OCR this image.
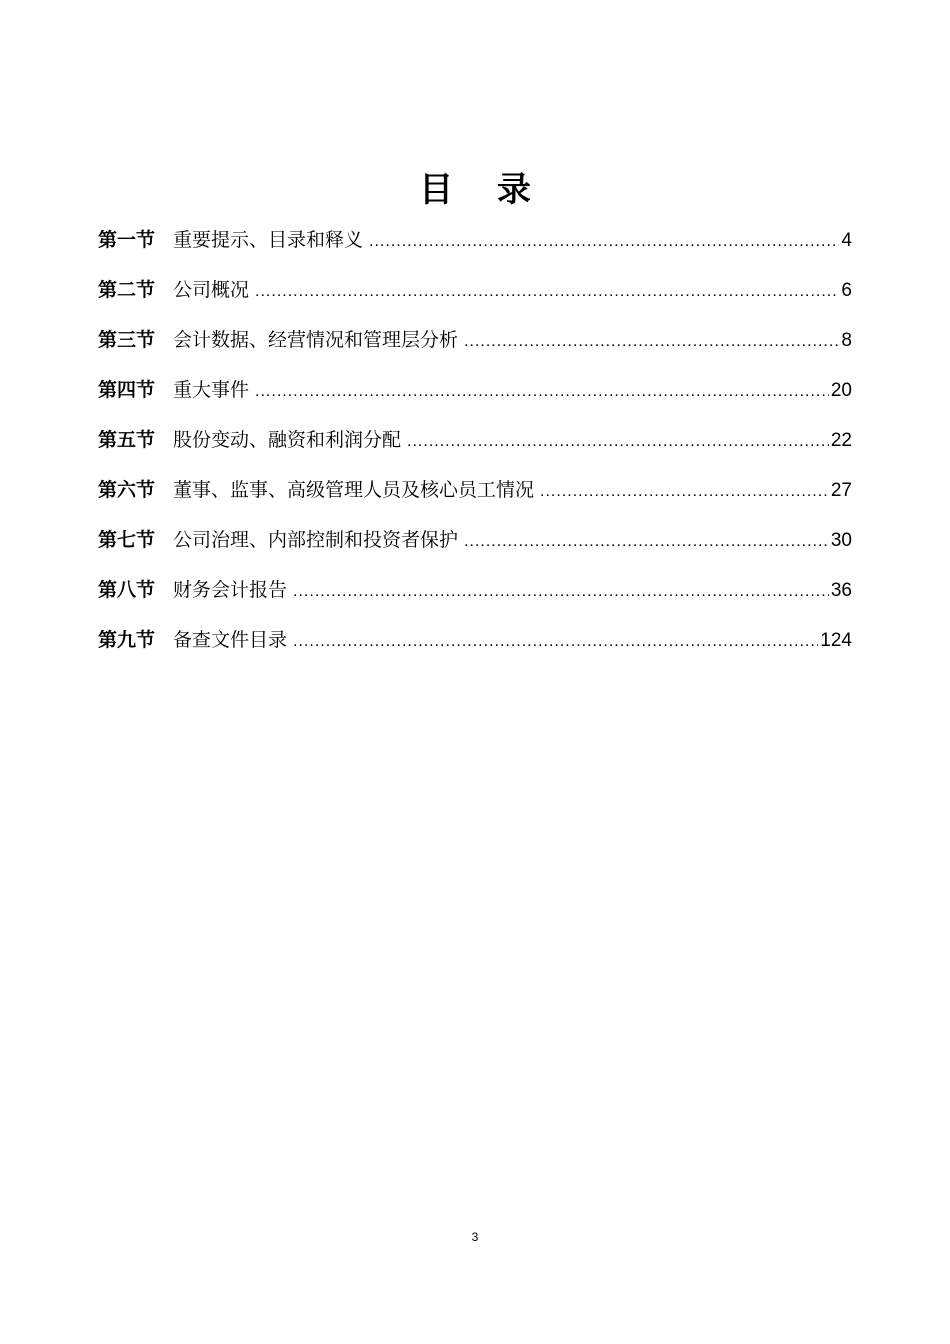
目 录
第一节 重要提示、目录和释义 .....	4
第二节 公司概况 .....	6
第三节 会计数据、经营情况和管理层分析 .....	8
第四节 重大事件 .....	20
第五节 股份变动、融资和利润分配 .....	22
第六节 董事、监事、高级管理人员及核心员工情况 .....	27
第七节 公司治理、内部控制和投资者保护 .....	30
第八节 财务会计报告 .....	36
第九节 备查文件目录 .....	124
3
